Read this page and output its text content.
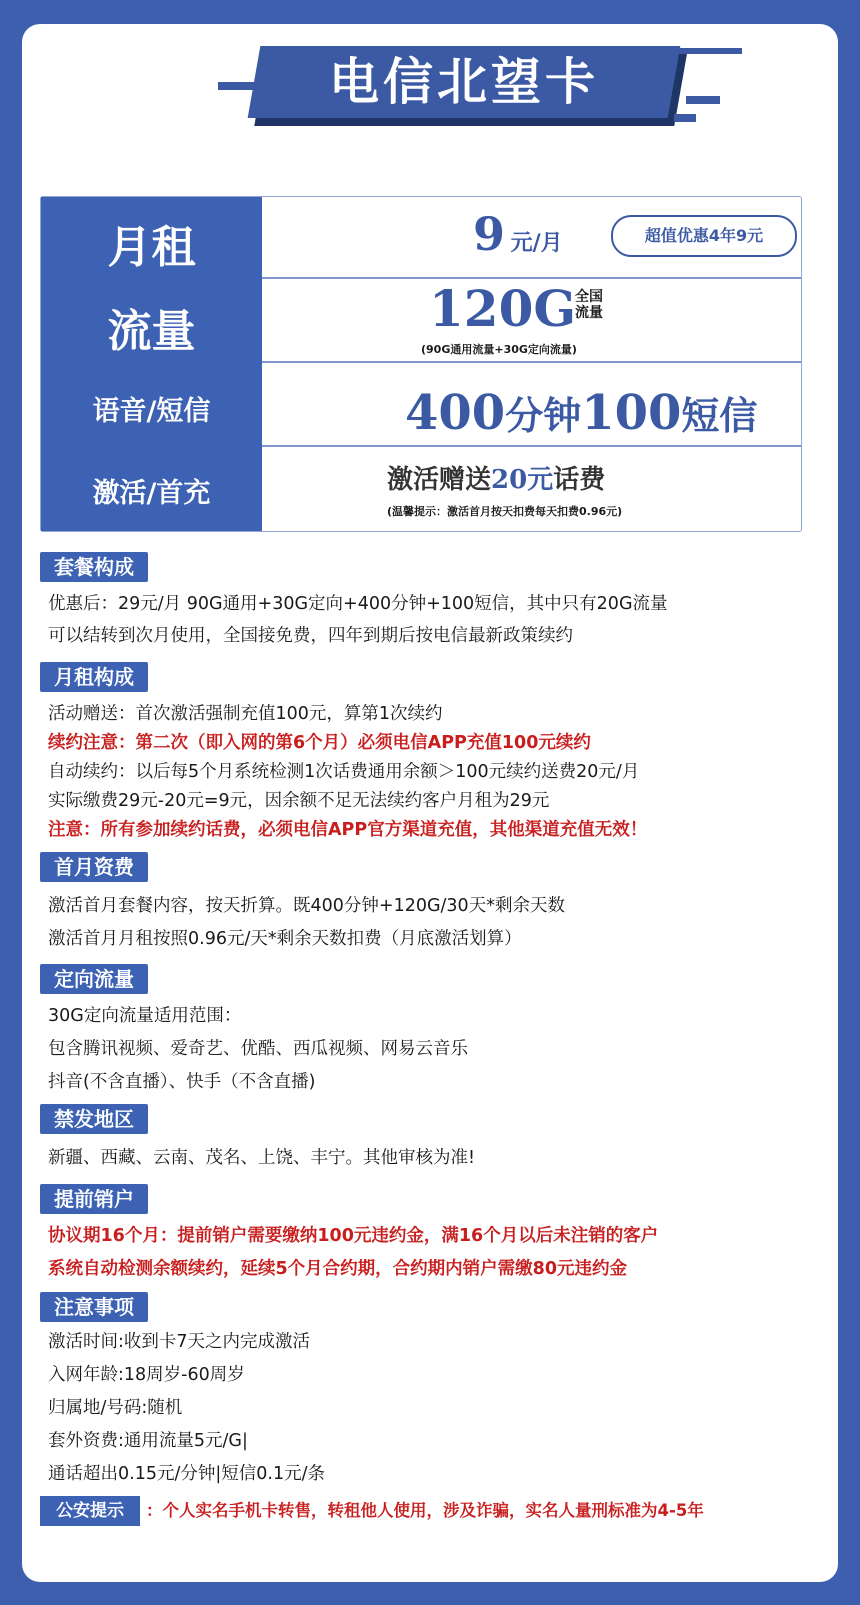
电信北望卡
月租
流量
语音/短信
激活/首充
9 元/月	超值优惠4年9元
120G
全国
流量
(90G通用流量+30G定向流量)
400分钟100短信
激活赠送20元话费
(温馨提示：激活首月按天扣费每天扣费0.96元)
套餐构成
优惠后：29元/月 90G通用+30G定向+400分钟+100短信，其中只有20G流量
可以结转到次月使用，全国接免费，四年到期后按电信最新政策续约
月租构成
活动赠送：首次激活强制充值100元，算第1次续约
续约注意：第二次（即入网的第6个月）必须电信APP充值100元续约
自动续约：以后每5个月系统检测1次话费通用余额＞100元续约送费20元/月
实际缴费29元-20元=9元，因余额不足无法续约客户月租为29元
注意：所有参加续约话费，必须电信APP官方渠道充值，其他渠道充值无效！
首月资费
激活首月套餐内容，按天折算。既400分钟+120G/30天*剩余天数
激活首月月租按照0.96元/天*剩余天数扣费（月底激活划算）
定向流量
30G定向流量适用范围：
包含腾讯视频、爱奇艺、优酷、西瓜视频、网易云音乐
抖音(不含直播）、快手（不含直播)
禁发地区
新疆、西藏、云南、茂名、上饶、丰宁。其他审核为准!
提前销户
协议期16个月：提前销户需要缴纳100元违约金，满16个月以后未注销的客户
系统自动检测余额续约，延续5个月合约期，合约期内销户需缴80元违约金
注意事项
激活时间:收到卡7天之内完成激活
入网年龄:18周岁-60周岁
归属地/号码:随机
套外资费:通用流量5元/G|
通话超出0.15元/分钟|短信0.1元/条
公安提示	：个人实名手机卡转售，转租他人使用，涉及诈骗，实名人量刑标准为4-5年
